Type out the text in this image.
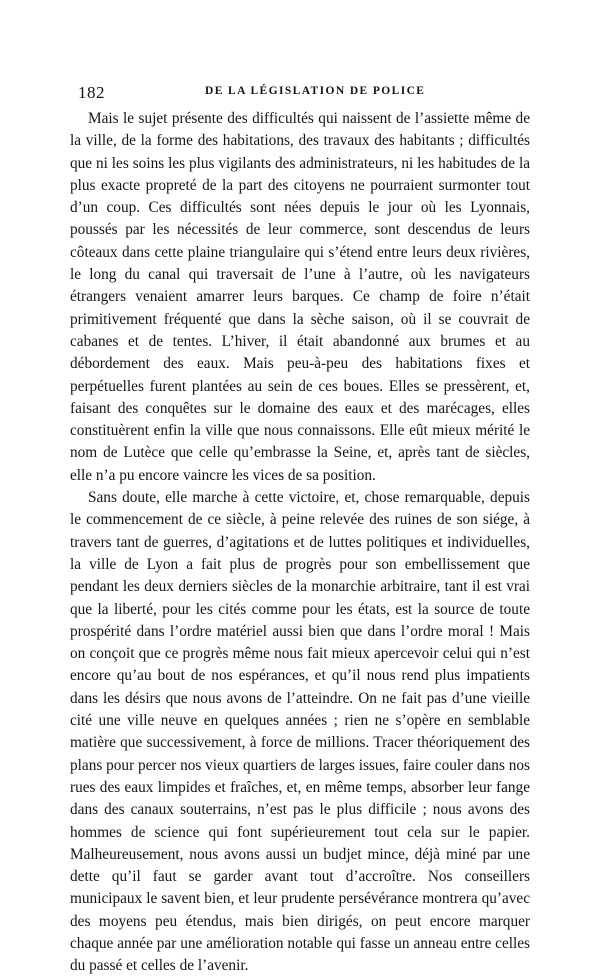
182	DE LA LÉGISLATION DE POLICE

Mais le sujet présente des difficultés qui naissent de l’assiette même de la ville, de la forme des habitations, des travaux des habitants ; difficultés que ni les soins les plus vigilants des administrateurs, ni les habitudes de la plus exacte propreté de la part des citoyens ne pourraient surmonter tout d’un coup. Ces difficultés sont nées depuis le jour où les Lyonnais, poussés par les nécessités de leur commerce, sont descendus de leurs côteaux dans cette plaine triangulaire qui s’étend entre leurs deux rivières, le long du canal qui traversait de l’une à l’autre, où les navigateurs étrangers venaient amarrer leurs barques. Ce champ de foire n’était primitivement fréquenté que dans la sèche saison, où il se couvrait de cabanes et de tentes. L’hiver, il était abandonné aux brumes et au débordement des eaux. Mais peu-à-peu des habitations fixes et perpétuelles furent plantées au sein de ces boues. Elles se pressèrent, et, faisant des conquêtes sur le domaine des eaux et des marécages, elles constituèrent enfin la ville que nous connaissons. Elle eût mieux mérité le nom de Lutèce que celle qu’embrasse la Seine, et, après tant de siècles, elle n’a pu encore vaincre les vices de sa position.

Sans doute, elle marche à cette victoire, et, chose remarquable, depuis le commencement de ce siècle, à peine relevée des ruines de son siége, à travers tant de guerres, d’agitations et de luttes politiques et individuelles, la ville de Lyon a fait plus de progrès pour son embellissement que pendant les deux derniers siècles de la monarchie arbitraire, tant il est vrai que la liberté, pour les cités comme pour les états, est la source de toute prospérité dans l’ordre matériel aussi bien que dans l’ordre moral ! Mais on conçoit que ce progrès même nous fait mieux apercevoir celui qui n’est encore qu’au bout de nos espérances, et qu’il nous rend plus impatients dans les désirs que nous avons de l’atteindre. On ne fait pas d’une vieille cité une ville neuve en quelques années ; rien ne s’opère en semblable matière que successivement, à force de millions. Tracer théoriquement des plans pour percer nos vieux quartiers de larges issues, faire couler dans nos rues des eaux limpides et fraîches, et, en même temps, absorber leur fange dans des canaux souterrains, n’est pas le plus difficile ; nous avons des hommes de science qui font supérieurement tout cela sur le papier. Malheureusement, nous avons aussi un budjet mince, déjà miné par une dette qu’il faut se garder avant tout d’accroître. Nos conseillers municipaux le savent bien, et leur prudente persévérance montrera qu’avec des moyens peu étendus, mais bien dirigés, on peut encore marquer chaque année par une amélioration notable qui fasse un anneau entre celles du passé et celles de l’avenir.
